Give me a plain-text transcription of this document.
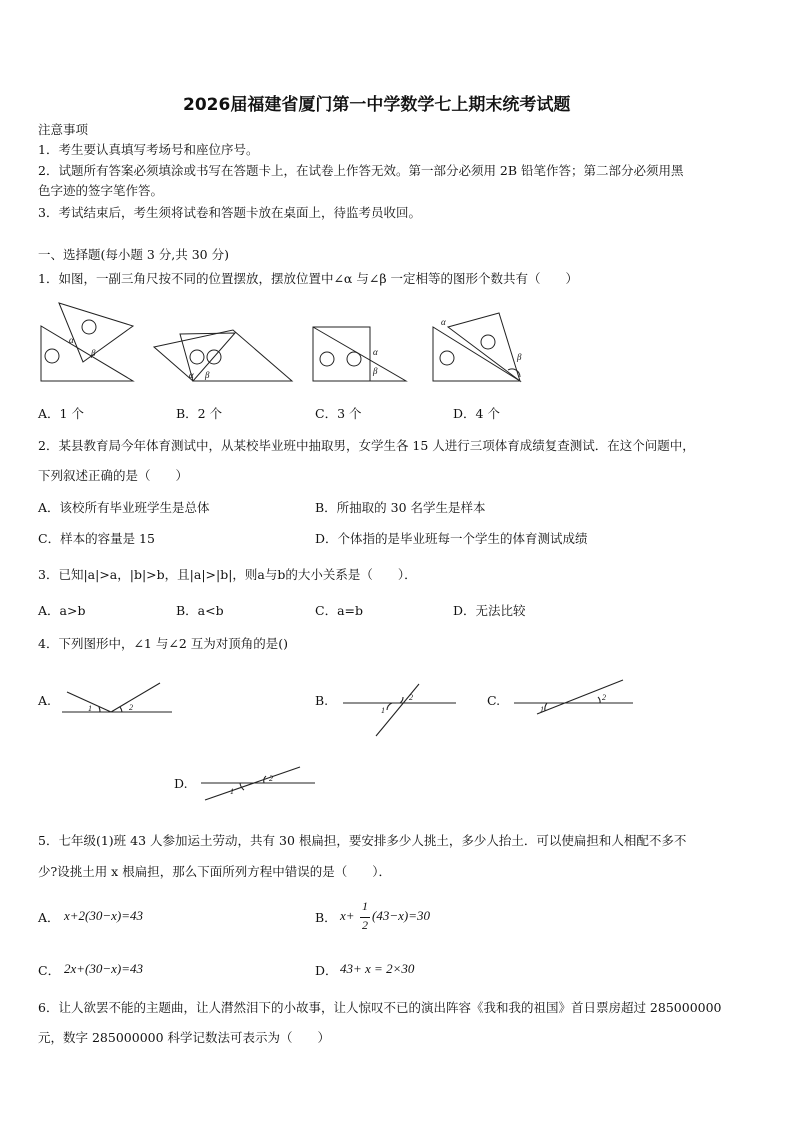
2026届福建省厦门第一中学数学七上期末统考试题
注意事项
1．考生要认真填写考场号和座位序号。
2．试题所有答案必须填涂或书写在答题卡上，在试卷上作答无效。第一部分必须用 2B 铅笔作答；第二部分必须用黑
色字迹的签字笔作答。
3．考试结束后，考生须将试卷和答题卡放在桌面上，待监考员收回。
一、选择题(每小题 3 分,共 30 分)
1．如图，一副三角尺按不同的位置摆放，摆放位置中∠α 与∠β 一定相等的图形个数共有（　　）
α
β
α β
α
β
α
β
A．1 个	B．2 个	C．3 个	D．4 个
2．某县教育局今年体育测试中，从某校毕业班中抽取男，女学生各 15 人进行三项体育成绩复查测试．在这个问题中，
下列叙述正确的是（　　）
A．该校所有毕业班学生是总体	B．所抽取的 30 名学生是样本
C．样本的容量是 15	D．个体指的是毕业班每一个学生的体育测试成绩
3．已知|a|>a，|b|>b，且|a|>|b|，则a与b的大小关系是（　　）．
A．a>b	B．a<b	C．a=b	D．无法比较
4．下列图形中，∠1 与∠2 互为对顶角的是()
A.	B.	C.
D.
1	2	1
2
1
2
1
2
5．七年级(1)班 43 人参加运土劳动，共有 30 根扁担，要安排多少人挑土，多少人抬土．可以使扁担和人相配不多不
少?设挑土用 x 根扁担，那么下面所列方程中错误的是（　　）．
A． x+2(30−x)=43	B． x+
1
2
(43−x)=30
C． 2x+(30−x)=43	D． 43+ x = 2×30
6．让人欲罢不能的主题曲，让人潸然泪下的小故事，让人惊叹不已的演出阵容《我和我的祖国》首日票房超过 285000000
元，数字 285000000 科学记数法可表示为（　　）
